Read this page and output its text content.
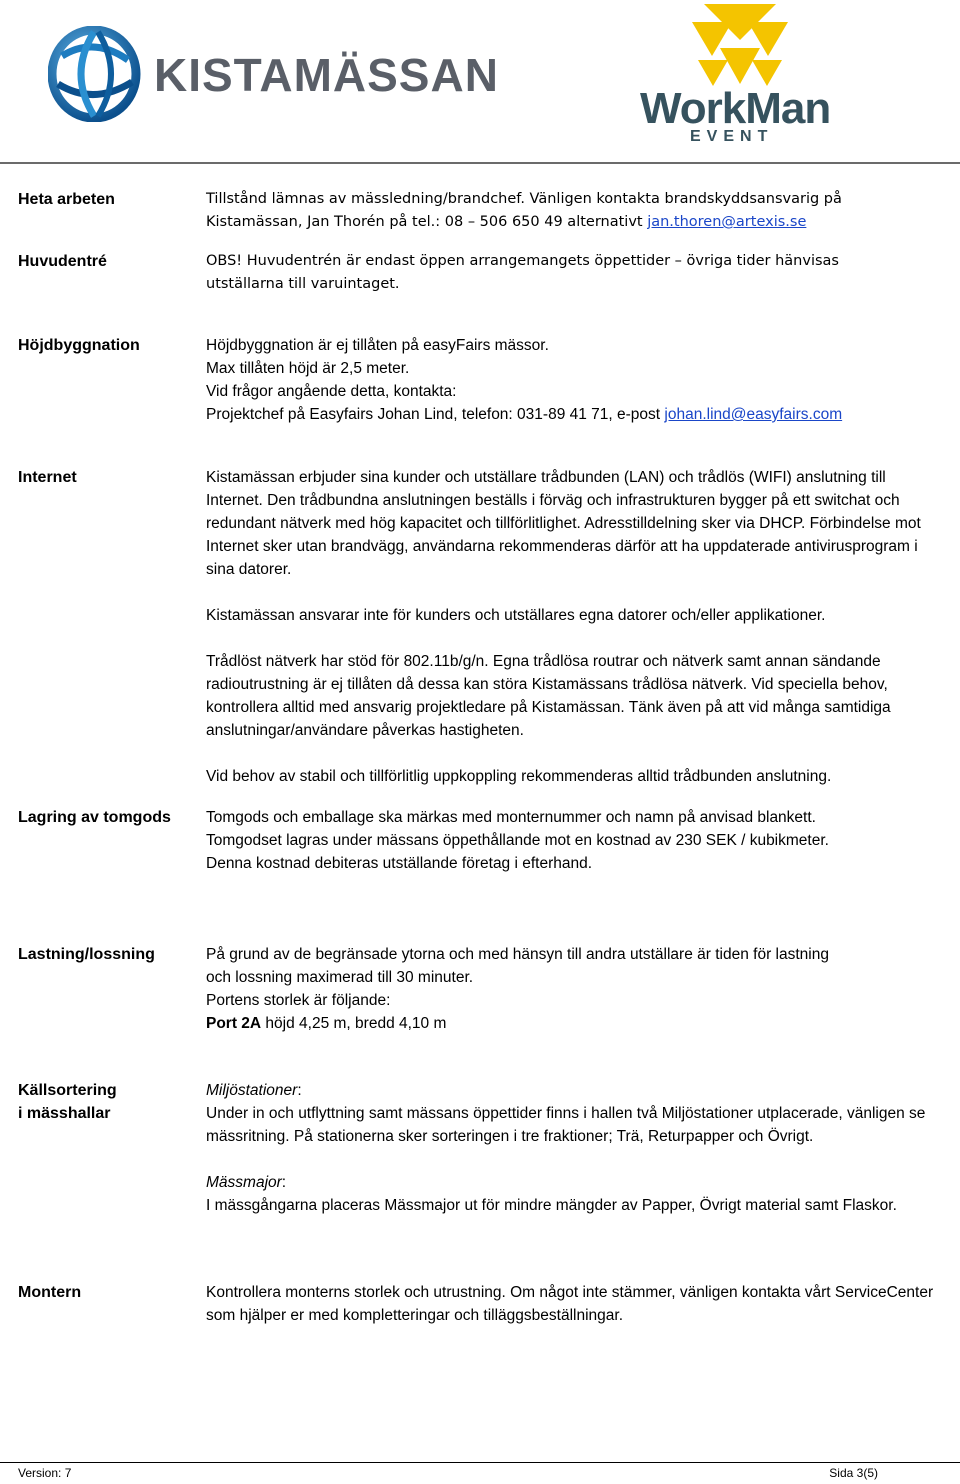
KISTAMÄSSAN
WorkMan
EVENT
Heta arbeten	Tillstånd lämnas av mässledning/brandchef. Vänligen kontakta brandskyddsansvarig på

Kistamässan, Jan Thorén på tel.: 08 – 506 650 49 alternativt jan.thoren@artexis.se

Huvudentré	OBS! Huvudentrén är endast öppen arrangemangets öppettider – övriga tider hänvisas

utställarna till varuintaget.

Höjdbyggnation	Höjdbyggnation är ej tillåten på easyFairs mässor.

Max tillåten höjd är 2,5 meter.

Vid frågor angående detta, kontakta:

Projektchef på Easyfairs Johan Lind, telefon: 031-89 41 71, e-post johan.lind@easyfairs.com

Internet	Kistamässan erbjuder sina kunder och utställare trådbunden (LAN) och trådlös (WIFI) anslutning till Internet. Den trådbundna anslutningen beställs i förväg och infrastrukturen bygger på ett switchat och redundant nätverk med hög kapacitet och tillförlitlighet. Adresstilldelning sker via DHCP. Förbindelse mot Internet sker utan brandvägg, användarna rekommenderas därför att ha uppdaterade antivirusprogram i sina datorer.

Kistamässan ansvarar inte för kunders och utställares egna datorer och/eller applikationer.

Trådlöst nätverk har stöd för 802.11b/g/n. Egna trådlösa routrar och nätverk samt annan sändande radioutrustning är ej tillåten då dessa kan störa Kistamässans trådlösa nätverk. Vid speciella behov, kontrollera alltid med ansvarig projektledare på Kistamässan. Tänk även på att vid många samtidiga anslutningar/användare påverkas hastigheten.

Vid behov av stabil och tillförlitlig uppkoppling rekommenderas alltid trådbunden anslutning.

Lagring av tomgods Tomgods och emballage ska märkas med monternummer och namn på anvisad blankett.

Tomgodset lagras under mässans öppethållande mot en kostnad av 230 SEK / kubikmeter.

Denna kostnad debiteras utställande företag i efterhand.

Lastning/lossning	På grund av de begränsade ytorna och med hänsyn till andra utställare är tiden för lastning

och lossning maximerad till 30 minuter.

Portens storlek är följande:

Port 2A höjd 4,25 m, bredd 4,10 m

Källsortering
i mässhallar

Miljöstationer:

Under in och utflyttning samt mässans öppettider finns i hallen två Miljöstationer utplacerade, vänligen se mässritning. På stationerna sker sorteringen i tre fraktioner; Trä, Returpapper och Övrigt.

Mässmajor:

I mässgångarna placeras Mässmajor ut för mindre mängder av Papper, Övrigt material samt Flaskor.

Montern	Kontrollera monterns storlek och utrustning. Om något inte stämmer, vänligen kontakta vårt ServiceCenter som hjälper er med kompletteringar och tilläggsbeställningar.

Version: 7	Sida 3(5)
